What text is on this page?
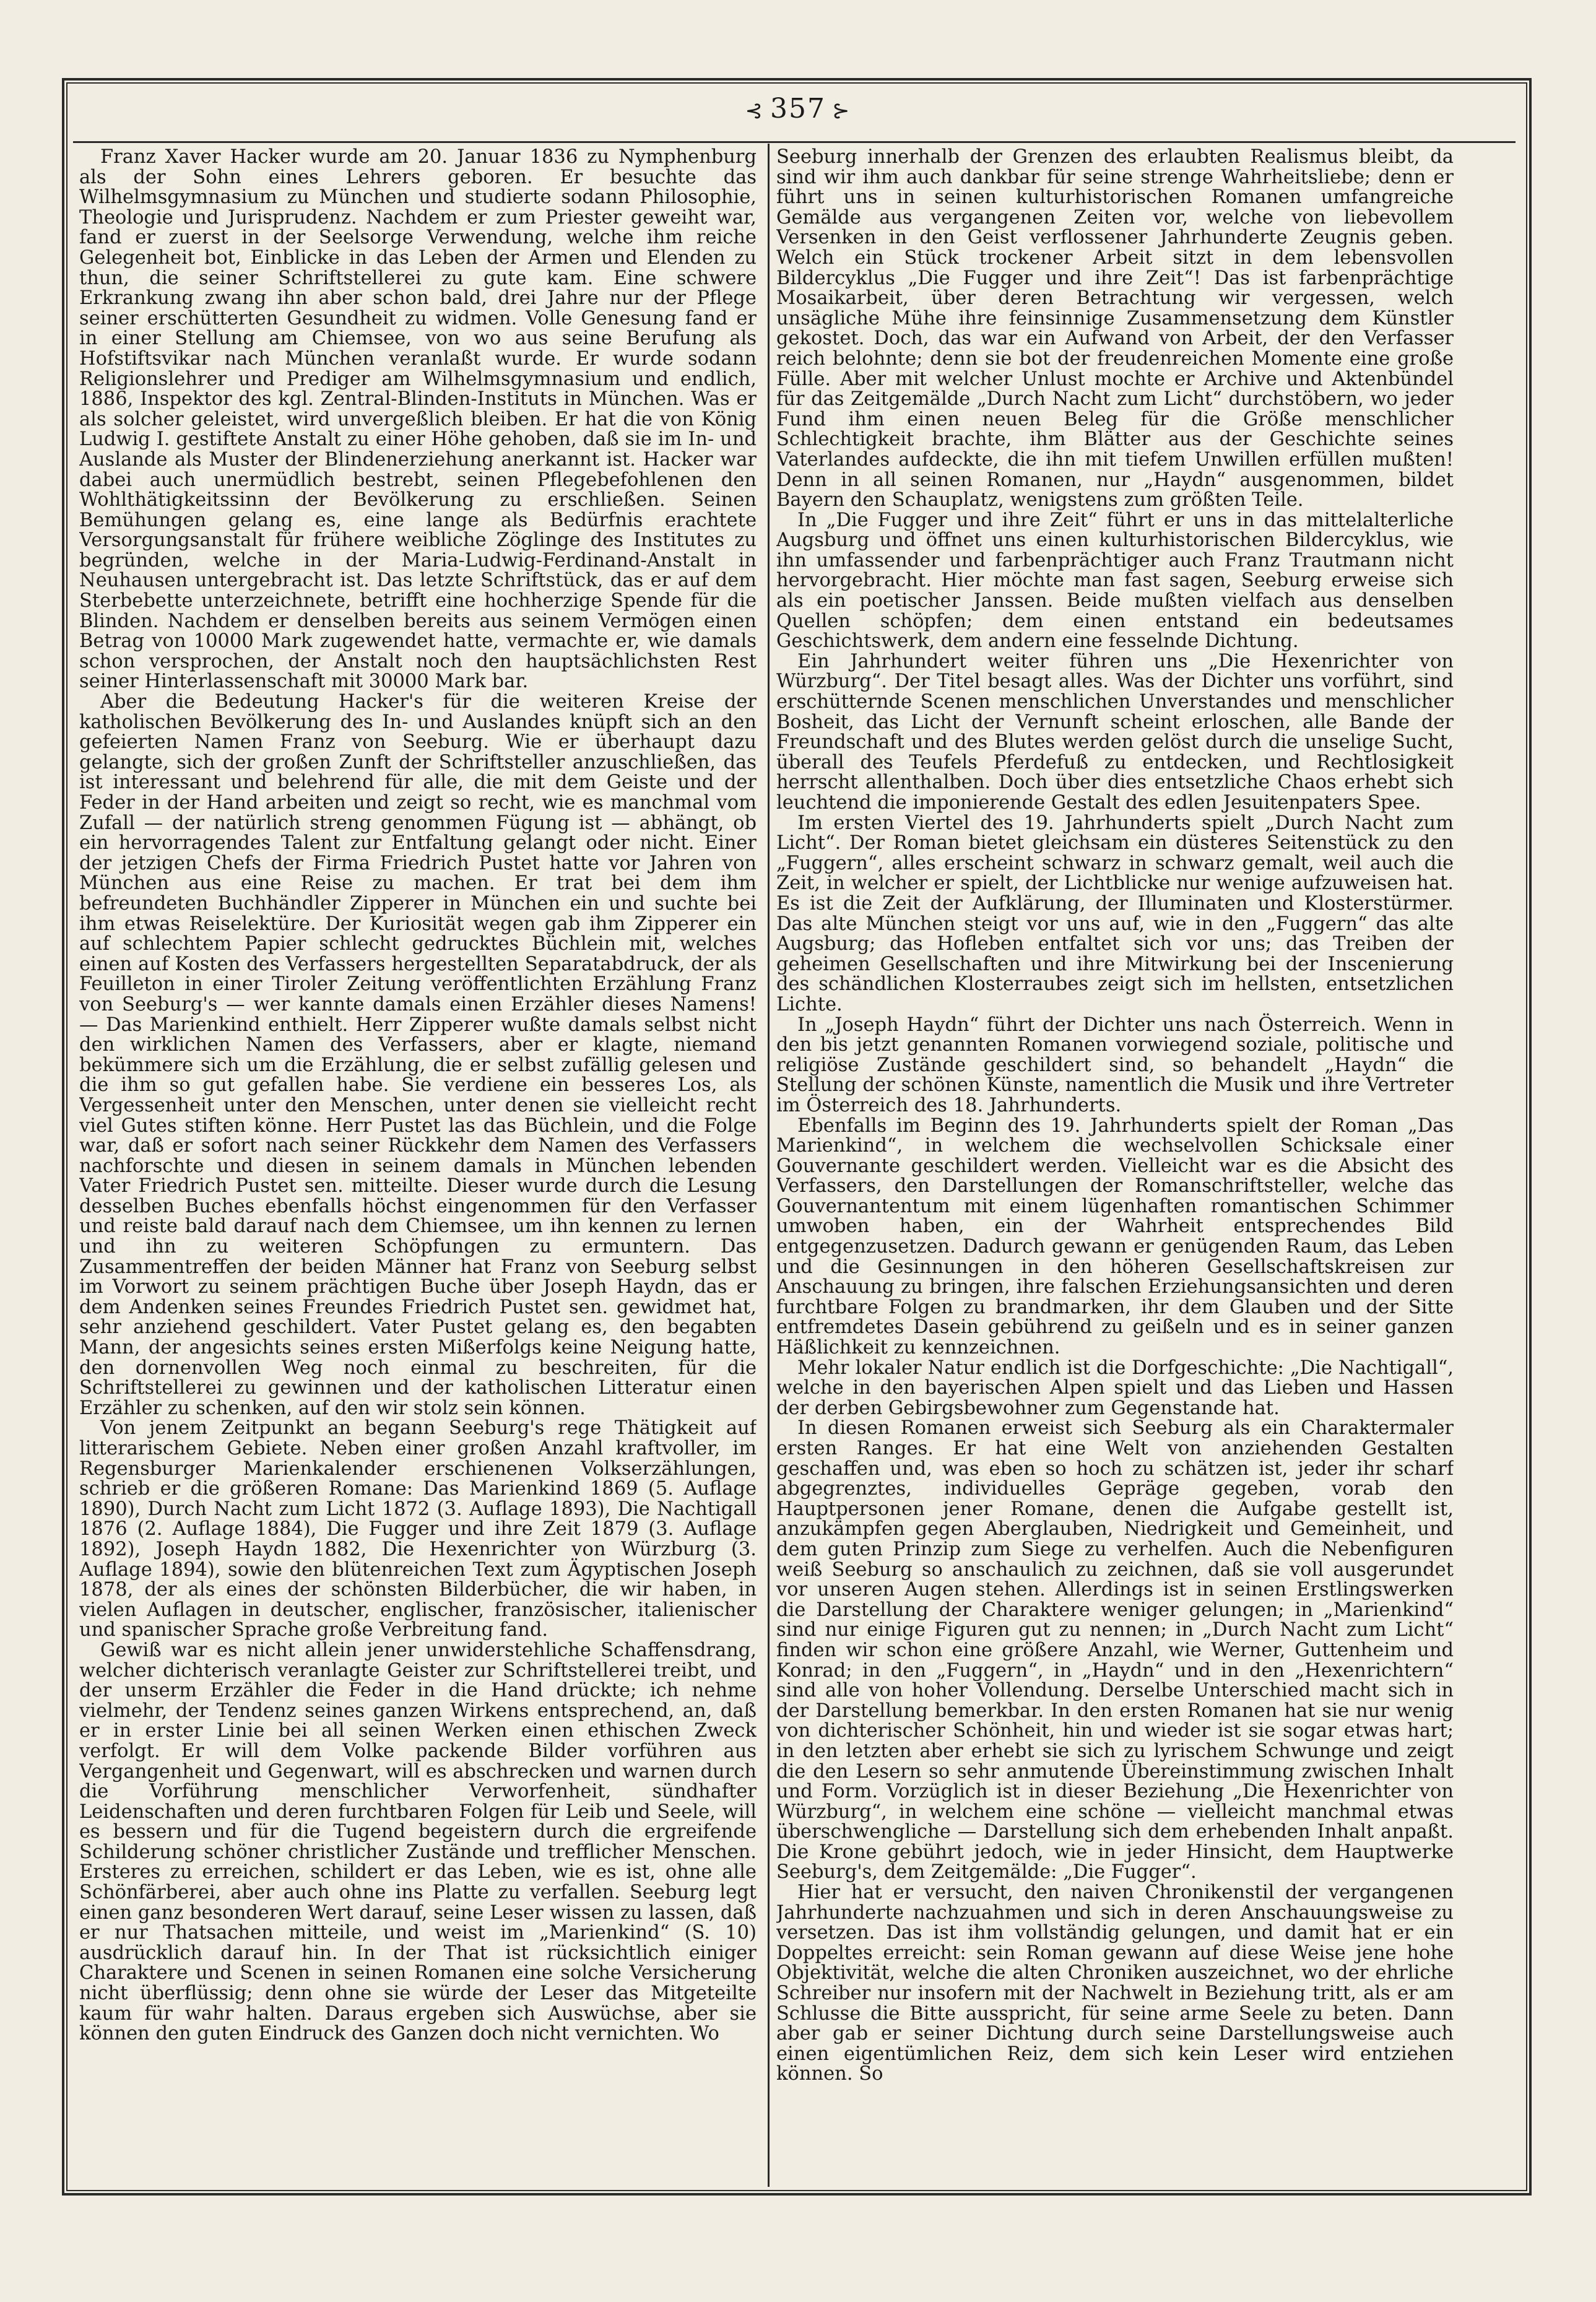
⊰ 357 ⊱

Franz Xaver Hacker wurde am 20. Januar 1836 zu Nymphenburg als der Sohn eines Lehrers geboren. Er besuchte das Wilhelmsgymnasium zu München und studierte sodann Philosophie, Theologie und Jurisprudenz. Nachdem er zum Priester geweiht war, fand er zuerst in der Seelsorge Verwendung, welche ihm reiche Gelegenheit bot, Einblicke in das Leben der Armen und Elenden zu thun, die seiner Schriftstellerei zu gute kam. Eine schwere Erkrankung zwang ihn aber schon bald, drei Jahre nur der Pflege seiner erschütterten Gesundheit zu widmen. Volle Genesung fand er in einer Stellung am Chiemsee, von wo aus seine Berufung als Hofstiftsvikar nach München veranlaßt wurde. Er wurde sodann Religionslehrer und Prediger am Wilhelmsgymnasium und endlich, 1886, Inspektor des kgl. Zentral-Blinden-Instituts in München. Was er als solcher geleistet, wird unvergeßlich bleiben. Er hat die von König Ludwig I. gestiftete Anstalt zu einer Höhe gehoben, daß sie im In- und Auslande als Muster der Blindenerziehung anerkannt ist. Hacker war dabei auch unermüdlich bestrebt, seinen Pflegebefohlenen den Wohlthätigkeitssinn der Bevölkerung zu erschließen. Seinen Bemühungen gelang es, eine lange als Bedürfnis erachtete Versorgungsanstalt für frühere weibliche Zöglinge des Institutes zu begründen, welche in der Maria-Ludwig-Ferdinand-Anstalt in Neuhausen untergebracht ist. Das letzte Schriftstück, das er auf dem Sterbebette unterzeichnete, betrifft eine hochherzige Spende für die Blinden. Nachdem er denselben bereits aus seinem Vermögen einen Betrag von 10000 Mark zugewendet hatte, vermachte er, wie damals schon versprochen, der Anstalt noch den hauptsächlichsten Rest seiner Hinterlassenschaft mit 30000 Mark bar.

Aber die Bedeutung Hacker's für die weiteren Kreise der katholischen Bevölkerung des In- und Auslandes knüpft sich an den gefeierten Namen Franz von Seeburg. Wie er überhaupt dazu gelangte, sich der großen Zunft der Schriftsteller anzuschließen, das ist interessant und belehrend für alle, die mit dem Geiste und der Feder in der Hand arbeiten und zeigt so recht, wie es manchmal vom Zufall — der natürlich streng genommen Fügung ist — abhängt, ob ein hervorragendes Talent zur Entfaltung gelangt oder nicht. Einer der jetzigen Chefs der Firma Friedrich Pustet hatte vor Jahren von München aus eine Reise zu machen. Er trat bei dem ihm befreundeten Buchhändler Zipperer in München ein und suchte bei ihm etwas Reiselektüre. Der Kuriosität wegen gab ihm Zipperer ein auf schlechtem Papier schlecht gedrucktes Büchlein mit, welches einen auf Kosten des Verfassers hergestellten Separatabdruck, der als Feuilleton in einer Tiroler Zeitung veröffentlichten Erzählung Franz von Seeburg's — wer kannte damals einen Erzähler dieses Namens! — Das Marienkind enthielt. Herr Zipperer wußte damals selbst nicht den wirklichen Namen des Verfassers, aber er klagte, niemand bekümmere sich um die Erzählung, die er selbst zufällig gelesen und die ihm so gut gefallen habe. Sie verdiene ein besseres Los, als Vergessenheit unter den Menschen, unter denen sie vielleicht recht viel Gutes stiften könne. Herr Pustet las das Büchlein, und die Folge war, daß er sofort nach seiner Rückkehr dem Namen des Verfassers nachforschte und diesen in seinem damals in München lebenden Vater Friedrich Pustet sen. mitteilte. Dieser wurde durch die Lesung desselben Buches ebenfalls höchst eingenommen für den Verfasser und reiste bald darauf nach dem Chiemsee, um ihn kennen zu lernen und ihn zu weiteren Schöpfungen zu ermuntern. Das Zusammentreffen der beiden Männer hat Franz von Seeburg selbst im Vorwort zu seinem prächtigen Buche über Joseph Haydn, das er dem Andenken seines Freundes Friedrich Pustet sen. gewidmet hat, sehr anziehend geschildert. Vater Pustet gelang es, den begabten Mann, der angesichts seines ersten Mißerfolgs keine Neigung hatte, den dornenvollen Weg noch einmal zu beschreiten, für die Schriftstellerei zu gewinnen und der katholischen Litteratur einen Erzähler zu schenken, auf den wir stolz sein können.

Von jenem Zeitpunkt an begann Seeburg's rege Thätigkeit auf litterarischem Gebiete. Neben einer großen Anzahl kraftvoller, im Regensburger Marienkalender erschienenen Volkserzählungen, schrieb er die größeren Romane: Das Marienkind 1869 (5. Auflage 1890), Durch Nacht zum Licht 1872 (3. Auflage 1893), Die Nachtigall 1876 (2. Auflage 1884), Die Fugger und ihre Zeit 1879 (3. Auflage 1892), Joseph Haydn 1882, Die Hexenrichter von Würzburg (3. Auflage 1894), sowie den blütenreichen Text zum Ägyptischen Joseph 1878, der als eines der schönsten Bilderbücher, die wir haben, in vielen Auflagen in deutscher, englischer, französischer, italienischer und spanischer Sprache große Verbreitung fand.

Gewiß war es nicht allein jener unwiderstehliche Schaffensdrang, welcher dichterisch veranlagte Geister zur Schriftstellerei treibt, und der unserm Erzähler die Feder in die Hand drückte; ich nehme vielmehr, der Tendenz seines ganzen Wirkens entsprechend, an, daß er in erster Linie bei all seinen Werken einen ethischen Zweck verfolgt. Er will dem Volke packende Bilder vorführen aus Vergangenheit und Gegenwart, will es abschrecken und warnen durch die Vorführung menschlicher Verworfenheit, sündhafter Leidenschaften und deren furchtbaren Folgen für Leib und Seele, will es bessern und für die Tugend begeistern durch die ergreifende Schilderung schöner christlicher Zustände und trefflicher Menschen. Ersteres zu erreichen, schildert er das Leben, wie es ist, ohne alle Schönfärberei, aber auch ohne ins Platte zu verfallen. Seeburg legt einen ganz besonderen Wert darauf, seine Leser wissen zu lassen, daß er nur Thatsachen mitteile, und weist im „Marienkind“ (S. 10) ausdrücklich darauf hin. In der That ist rücksichtlich einiger Charaktere und Scenen in seinen Romanen eine solche Versicherung nicht überflüssig; denn ohne sie würde der Leser das Mitgeteilte kaum für wahr halten. Daraus ergeben sich Auswüchse, aber sie können den guten Eindruck des Ganzen doch nicht vernichten. Wo

Seeburg innerhalb der Grenzen des erlaubten Realismus bleibt, da sind wir ihm auch dankbar für seine strenge Wahrheitsliebe; denn er führt uns in seinen kulturhistorischen Romanen umfangreiche Gemälde aus vergangenen Zeiten vor, welche von liebevollem Versenken in den Geist verflossener Jahrhunderte Zeugnis geben. Welch ein Stück trockener Arbeit sitzt in dem lebensvollen Bildercyklus „Die Fugger und ihre Zeit“! Das ist farbenprächtige Mosaikarbeit, über deren Betrachtung wir vergessen, welch unsägliche Mühe ihre feinsinnige Zusammensetzung dem Künstler gekostet. Doch, das war ein Aufwand von Arbeit, der den Verfasser reich belohnte; denn sie bot der freudenreichen Momente eine große Fülle. Aber mit welcher Unlust mochte er Archive und Aktenbündel für das Zeitgemälde „Durch Nacht zum Licht“ durchstöbern, wo jeder Fund ihm einen neuen Beleg für die Größe menschlicher Schlechtigkeit brachte, ihm Blätter aus der Geschichte seines Vaterlandes aufdeckte, die ihn mit tiefem Unwillen erfüllen mußten! Denn in all seinen Romanen, nur „Haydn“ ausgenommen, bildet Bayern den Schauplatz, wenigstens zum größten Teile.

In „Die Fugger und ihre Zeit“ führt er uns in das mittelalterliche Augsburg und öffnet uns einen kulturhistorischen Bildercyklus, wie ihn umfassender und farbenprächtiger auch Franz Trautmann nicht hervorgebracht. Hier möchte man fast sagen, Seeburg erweise sich als ein poetischer Janssen. Beide mußten vielfach aus denselben Quellen schöpfen; dem einen entstand ein bedeutsames Geschichtswerk, dem andern eine fesselnde Dichtung.

Ein Jahrhundert weiter führen uns „Die Hexenrichter von Würzburg“. Der Titel besagt alles. Was der Dichter uns vorführt, sind erschütternde Scenen menschlichen Unverstandes und menschlicher Bosheit, das Licht der Vernunft scheint erloschen, alle Bande der Freundschaft und des Blutes werden gelöst durch die unselige Sucht, überall des Teufels Pferdefuß zu entdecken, und Rechtlosigkeit herrscht allenthalben. Doch über dies entsetzliche Chaos erhebt sich leuchtend die imponierende Gestalt des edlen Jesuitenpaters Spee.

Im ersten Viertel des 19. Jahrhunderts spielt „Durch Nacht zum Licht“. Der Roman bietet gleichsam ein düsteres Seitenstück zu den „Fuggern“, alles erscheint schwarz in schwarz gemalt, weil auch die Zeit, in welcher er spielt, der Lichtblicke nur wenige aufzuweisen hat. Es ist die Zeit der Aufklärung, der Illuminaten und Klosterstürmer. Das alte München steigt vor uns auf, wie in den „Fuggern“ das alte Augsburg; das Hofleben entfaltet sich vor uns; das Treiben der geheimen Gesellschaften und ihre Mitwirkung bei der Inscenierung des schändlichen Klosterraubes zeigt sich im hellsten, entsetzlichen Lichte.

In „Joseph Haydn“ führt der Dichter uns nach Österreich. Wenn in den bis jetzt genannten Romanen vorwiegend soziale, politische und religiöse Zustände geschildert sind, so behandelt „Haydn“ die Stellung der schönen Künste, namentlich die Musik und ihre Vertreter im Österreich des 18. Jahrhunderts.

Ebenfalls im Beginn des 19. Jahrhunderts spielt der Roman „Das Marienkind“, in welchem die wechselvollen Schicksale einer Gouvernante geschildert werden. Vielleicht war es die Absicht des Verfassers, den Darstellungen der Romanschriftsteller, welche das Gouvernantentum mit einem lügenhaften romantischen Schimmer umwoben haben, ein der Wahrheit entsprechendes Bild entgegenzusetzen. Dadurch gewann er genügenden Raum, das Leben und die Gesinnungen in den höheren Gesellschaftskreisen zur Anschauung zu bringen, ihre falschen Erziehungsansichten und deren furchtbare Folgen zu brandmarken, ihr dem Glauben und der Sitte entfremdetes Dasein gebührend zu geißeln und es in seiner ganzen Häßlichkeit zu kennzeichnen.

Mehr lokaler Natur endlich ist die Dorfgeschichte: „Die Nachtigall“, welche in den bayerischen Alpen spielt und das Lieben und Hassen der derben Gebirgsbewohner zum Gegenstande hat.

In diesen Romanen erweist sich Seeburg als ein Charaktermaler ersten Ranges. Er hat eine Welt von anziehenden Gestalten geschaffen und, was eben so hoch zu schätzen ist, jeder ihr scharf abgegrenztes, individuelles Gepräge gegeben, vorab den Hauptpersonen jener Romane, denen die Aufgabe gestellt ist, anzukämpfen gegen Aberglauben, Niedrigkeit und Gemeinheit, und dem guten Prinzip zum Siege zu verhelfen. Auch die Nebenfiguren weiß Seeburg so anschaulich zu zeichnen, daß sie voll ausgerundet vor unseren Augen stehen. Allerdings ist in seinen Erstlingswerken die Darstellung der Charaktere weniger gelungen; in „Marienkind“ sind nur einige Figuren gut zu nennen; in „Durch Nacht zum Licht“ finden wir schon eine größere Anzahl, wie Werner, Guttenheim und Konrad; in den „Fuggern“, in „Haydn“ und in den „Hexenrichtern“ sind alle von hoher Vollendung. Derselbe Unterschied macht sich in der Darstellung bemerkbar. In den ersten Romanen hat sie nur wenig von dichterischer Schönheit, hin und wieder ist sie sogar etwas hart; in den letzten aber erhebt sie sich zu lyrischem Schwunge und zeigt die den Lesern so sehr anmutende Übereinstimmung zwischen Inhalt und Form. Vorzüglich ist in dieser Beziehung „Die Hexenrichter von Würzburg“, in welchem eine schöne — vielleicht manchmal etwas überschwengliche — Darstellung sich dem erhebenden Inhalt anpaßt. Die Krone gebührt jedoch, wie in jeder Hinsicht, dem Hauptwerke Seeburg's, dem Zeitgemälde: „Die Fugger“.

Hier hat er versucht, den naiven Chronikenstil der vergangenen Jahrhunderte nachzuahmen und sich in deren Anschauungsweise zu versetzen. Das ist ihm vollständig gelungen, und damit hat er ein Doppeltes erreicht: sein Roman gewann auf diese Weise jene hohe Objektivität, welche die alten Chroniken auszeichnet, wo der ehrliche Schreiber nur insofern mit der Nachwelt in Beziehung tritt, als er am Schlusse die Bitte ausspricht, für seine arme Seele zu beten. Dann aber gab er seiner Dichtung durch seine Darstellungsweise auch einen eigentümlichen Reiz, dem sich kein Leser wird entziehen können. So
